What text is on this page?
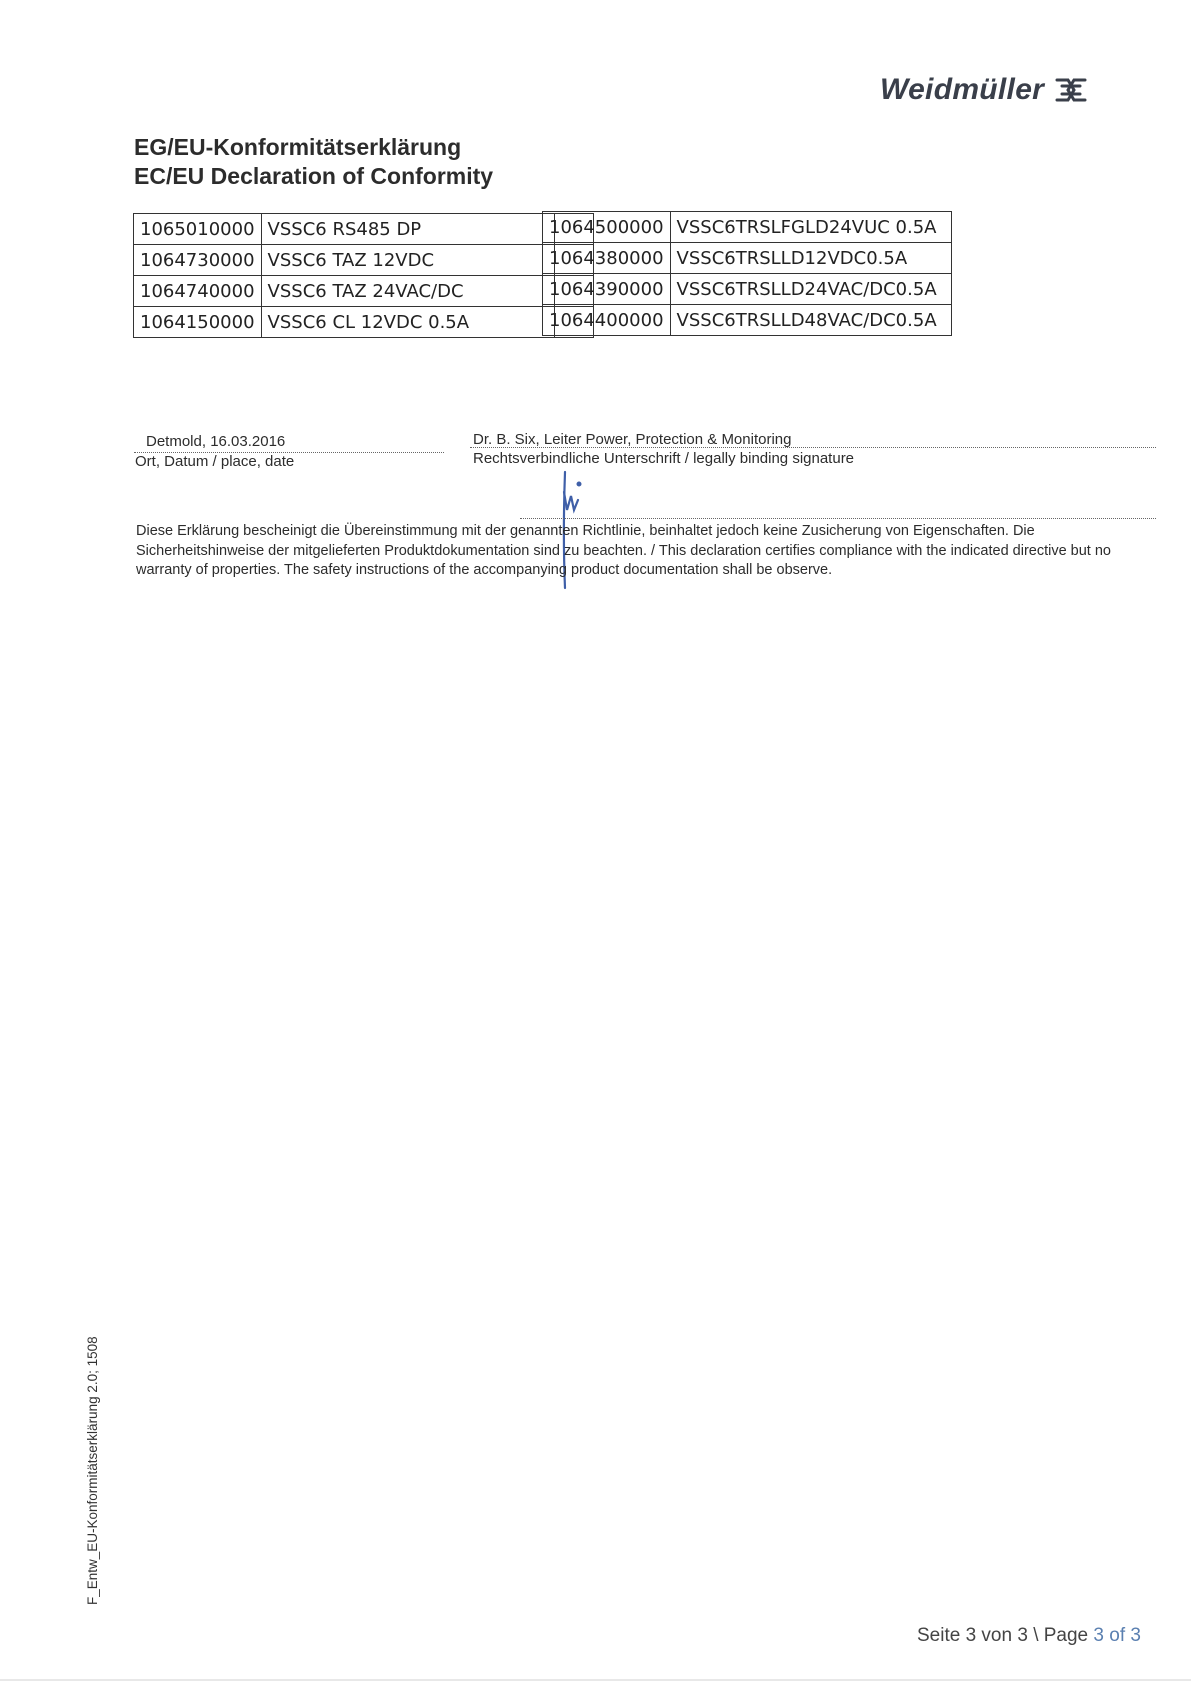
Weidmüller
EG/EU-Konformitätserklärung
EC/EU Declaration of Conformity
1065010000	VSSC6 RS485 DP	
1064730000	VSSC6 TAZ 12VDC	
1064740000	VSSC6 TAZ 24VAC/DC	
1064150000	VSSC6 CL 12VDC 0.5A	
1064500000	VSSC6TRSLFGLD24VUC 0.5A
1064380000	VSSC6TRSLLD12VDC0.5A
1064390000	VSSC6TRSLLD24VAC/DC0.5A
1064400000	VSSC6TRSLLD48VAC/DC0.5A
Detmold, 16.03.2016
Ort, Datum / place, date
Dr. B. Six, Leiter Power, Protection & Monitoring
Rechtsverbindliche Unterschrift / legally binding signature
Diese Erklärung bescheinigt die Übereinstimmung mit der genannten Richtlinie, beinhaltet jedoch keine Zusicherung von Eigenschaften. Die Sicherheitshinweise der mitgelieferten Produktdokumentation sind zu beachten. / This declaration certifies compliance with the indicated directive but no warranty of properties. The safety instructions of the accompanying product documentation shall be observe.
F_Entw_EU-Konformitätserklärung 2.0; 1508
Seite 3 von 3 \ Page 3 of 3
